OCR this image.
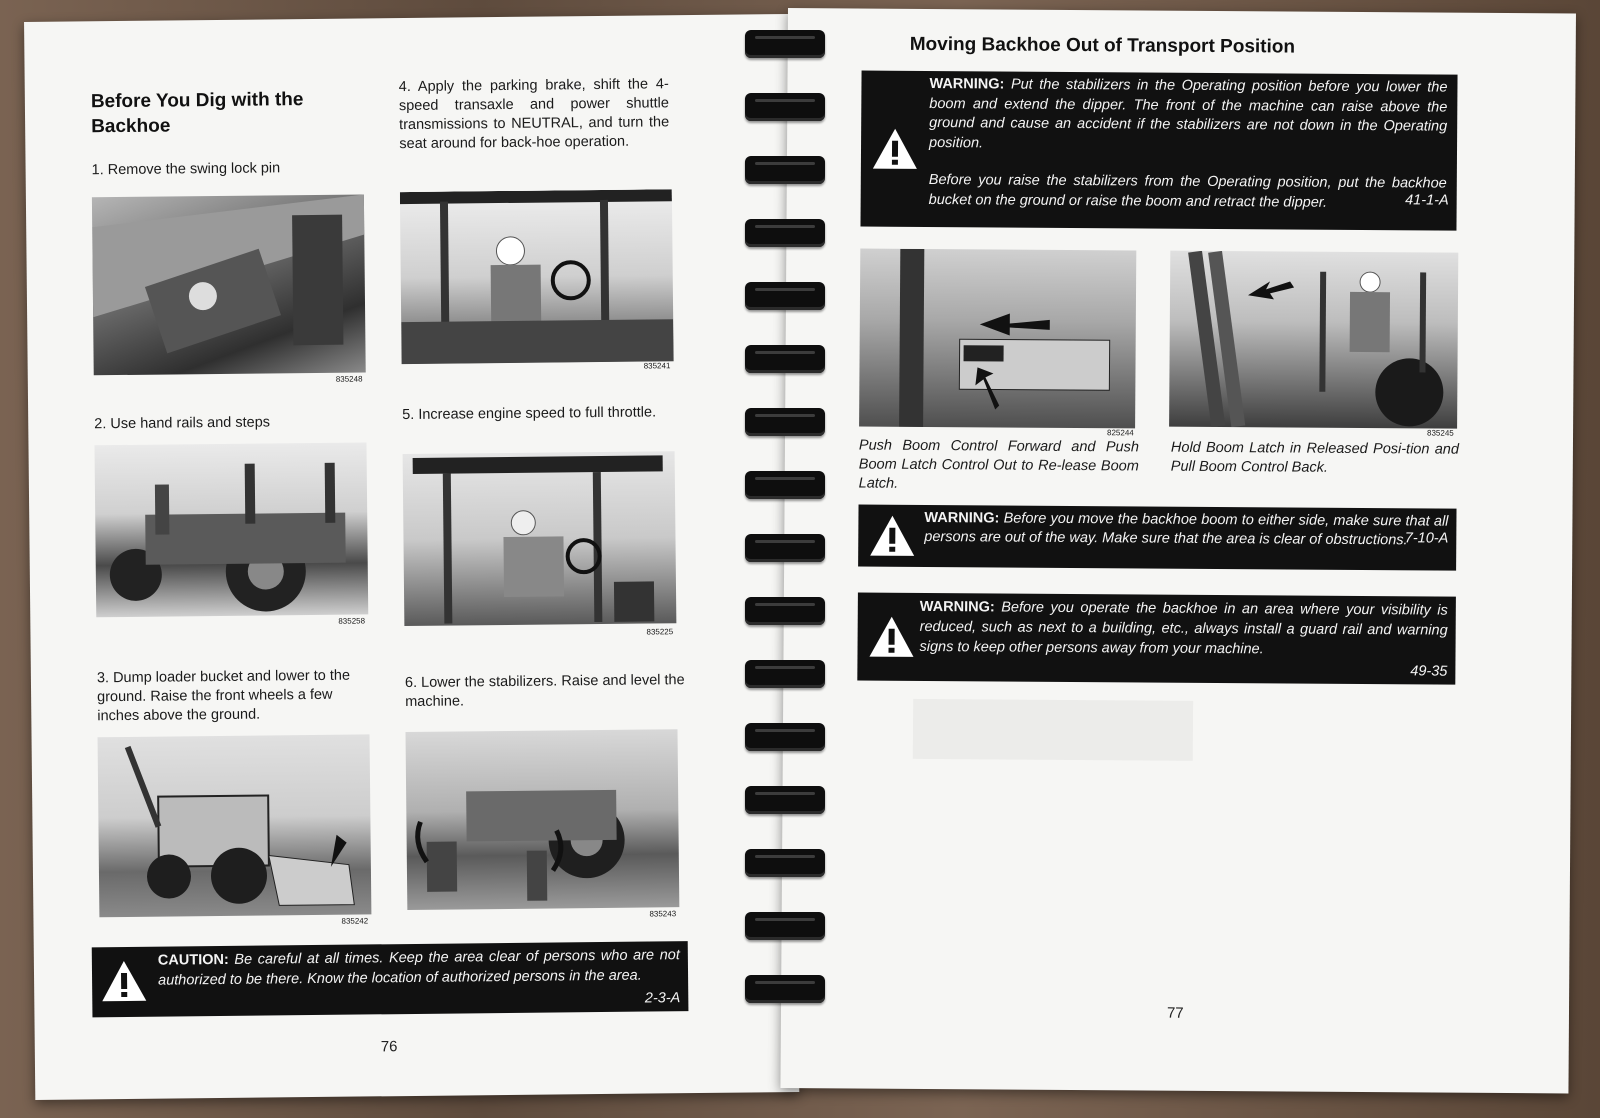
Before You Dig with the Backhoe
1. Remove the swing lock pin
835248
2. Use hand rails and steps
835258
3. Dump loader bucket and lower to the ground. Raise the front wheels a few inches above the ground.
835242
4. Apply the parking brake, shift the 4-speed transaxle and power shuttle transmissions to NEUTRAL, and turn the seat around for back-hoe operation.
835241
5. Increase engine speed to full throttle.
835225
6. Lower the stabilizers. Raise and level the machine.
835243
CAUTION: Be careful at all times. Keep the area clear of persons who are not authorized to be there. Know the location of authorized persons in the area.
2-3-A
76
Moving Backhoe Out of Transport Position
WARNING: Put the stabilizers in the Operating position before you lower the boom and extend the dipper. The front of the machine can raise above the ground and cause an accident if the stabilizers are not down in the Operating position.
Before you raise the stabilizers from the Operating position, put the backhoe bucket on the ground or raise the boom and retract the dipper.	41-1-A
825244
Push Boom Control Forward and Push Boom Latch Control Out to Re-lease Boom Latch.
835245
Hold Boom Latch in Released Posi-tion and Pull Boom Control Back.
WARNING: Before you move the backhoe boom to either side, make sure that all persons are out of the way. Make sure that the area is clear of obstructions.
7-10-A
WARNING: Before you operate the backhoe in an area where your visibility is reduced, such as next to a building, etc., always install a guard rail and warning signs to keep other persons away from your machine.
49-35
77
